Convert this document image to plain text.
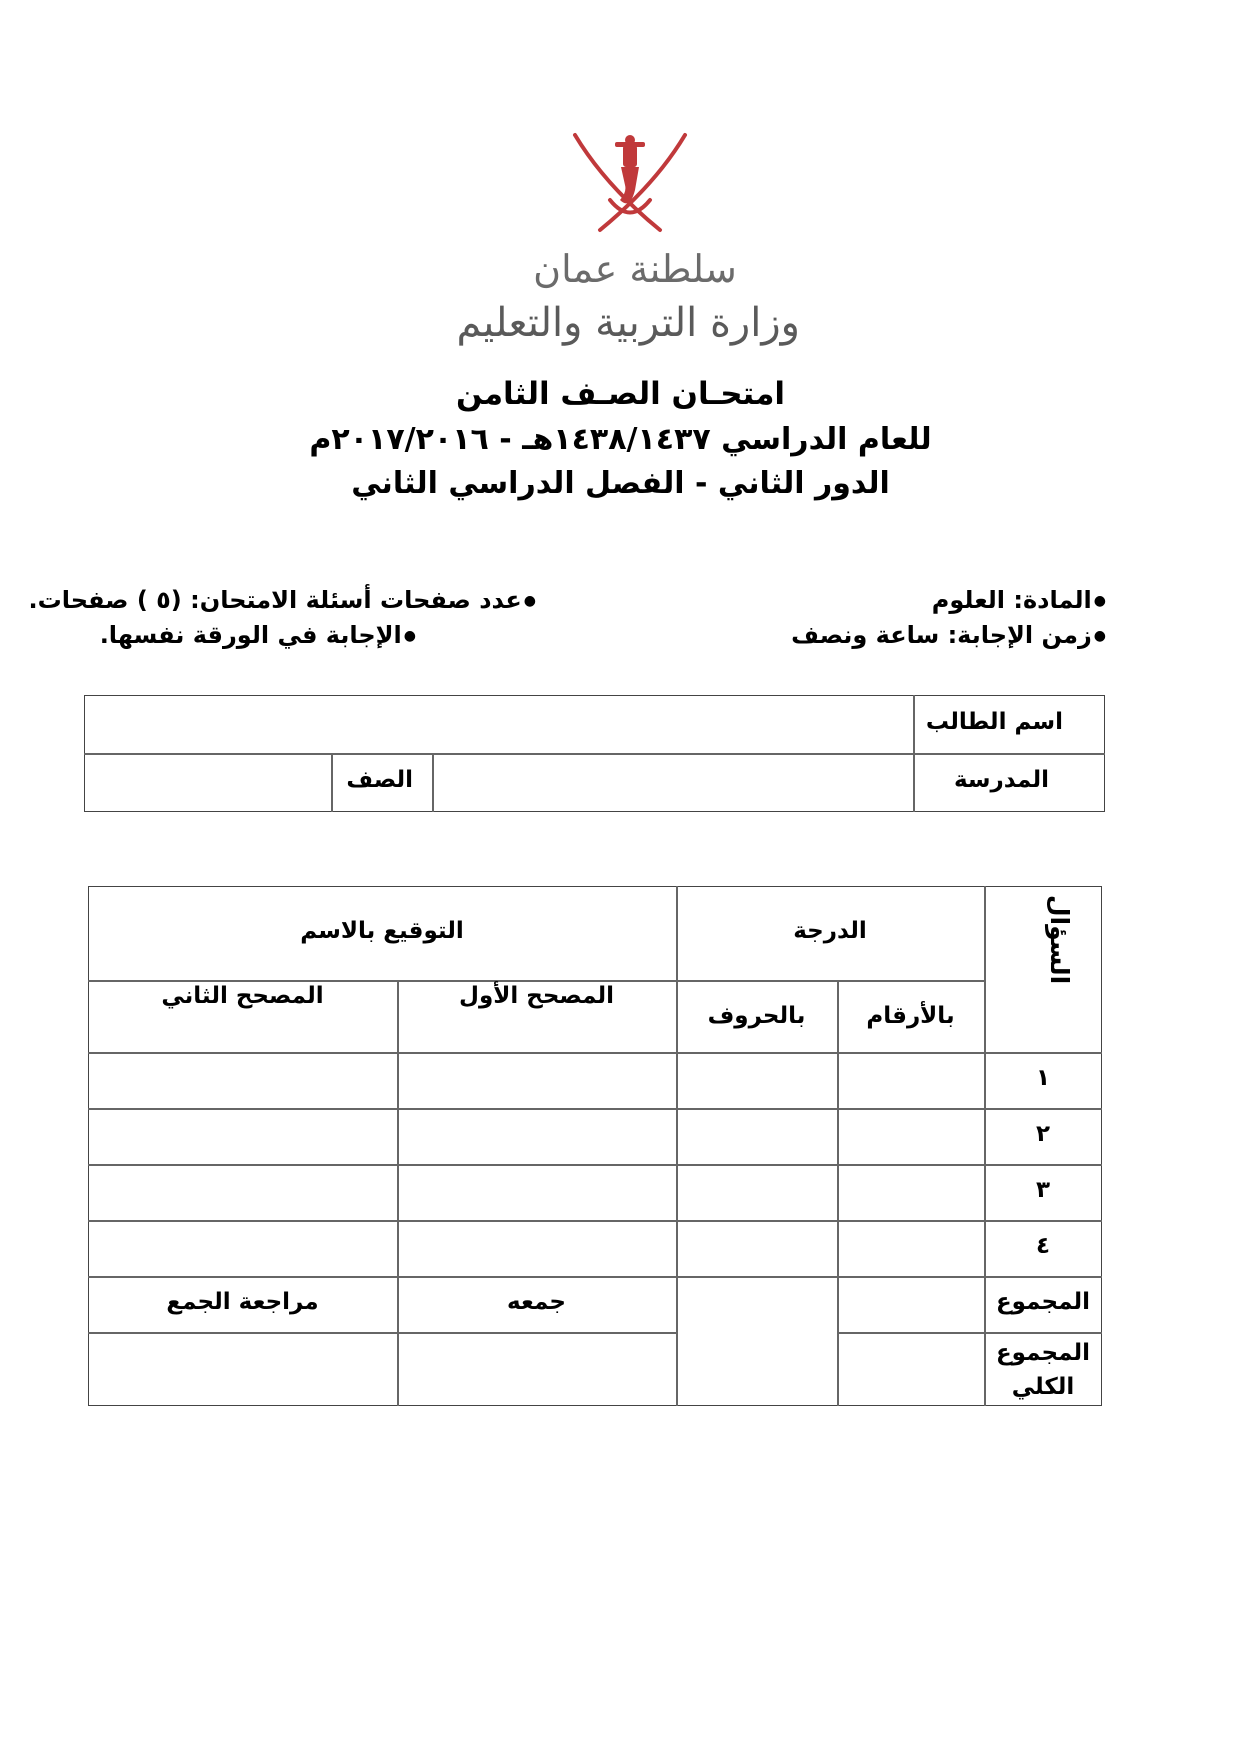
سلطنة عمان
وزارة التربية والتعليم
امتحـان الصـف الثامن
للعام الدراسي ١٤٣٨/١٤٣٧هـ - ٢٠١٧/٢٠١٦م
الدور الثاني - الفصل الدراسي الثاني
●المادة: العلوم
●زمن الإجابة: ساعة ونصف
●عدد صفحات أسئلة الامتحان: (٥ ) صفحات.
●الإجابة في الورقة نفسها.
اسم الطالب
المدرسة
الصف
السؤال
الدرجة
التوقيع بالاسم
بالأرقام
بالحروف
المصحح الأول
المصحح الثاني
١
٢
٣
٤
المجموع
جمعه
مراجعة الجمع
المجموع
الكلي
